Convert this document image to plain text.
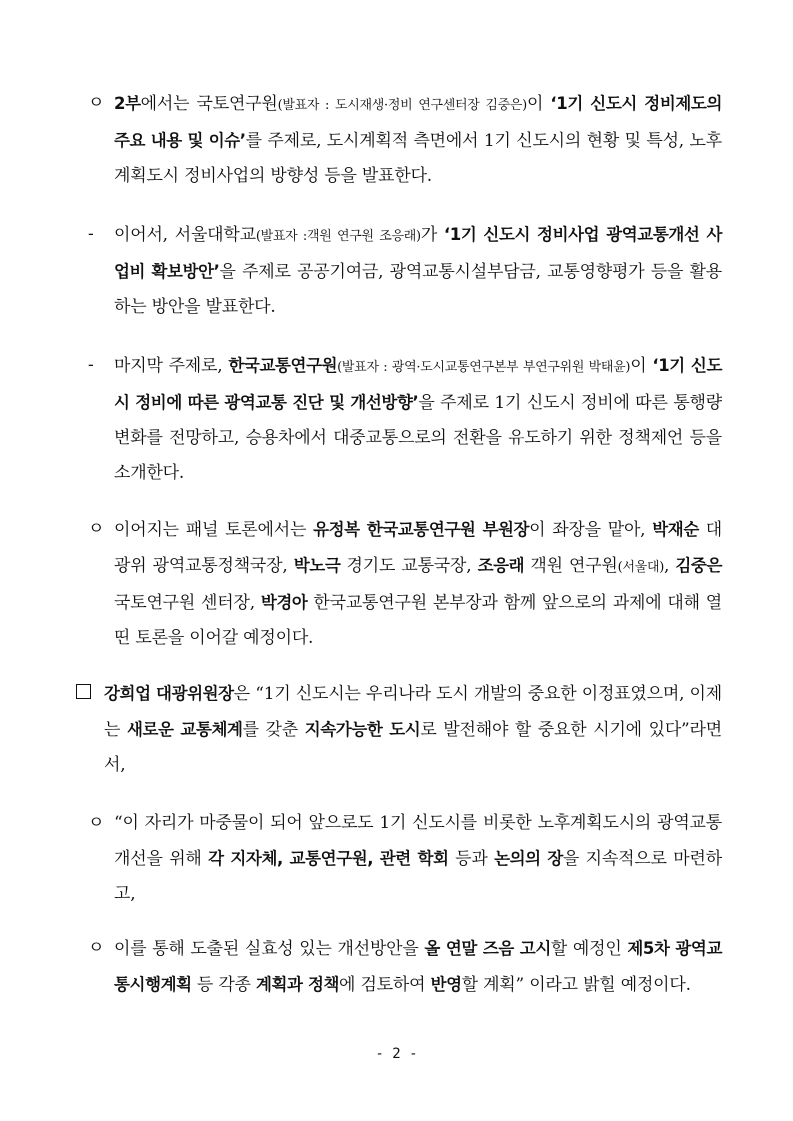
ㅇ 2부에서는 국토연구원(발표자 : 도시재생·정비 연구센터장 김중은)이 ‘1기 신도시 정비제도의 주요 내용 및 이슈’를 주제로, 도시계획적 측면에서 1기 신도시의 현황 및 특성, 노후계획도시 정비사업의 방향성 등을 발표한다.
-	이어서, 서울대학교(발표자 :객원 연구원 조응래)가 ‘1기 신도시 정비사업 광역교통개선 사업비 확보방안’을 주제로 공공기여금, 광역교통시설부담금, 교통영향평가 등을 활용하는 방안을 발표한다.
-	마지막 주제로, 한국교통연구원(발표자 : 광역·도시교통연구본부 부연구위원 박태윤)이 ‘1기 신도시 정비에 따른 광역교통 진단 및 개선방향’을 주제로 1기 신도시 정비에 따른 통행량 변화를 전망하고, 승용차에서 대중교통으로의 전환을 유도하기 위한 정책제언 등을 소개한다.
ㅇ 이어지는 패널 토론에서는 유정복 한국교통연구원 부원장이 좌장을 맡아, 박재순 대광위 광역교통정책국장, 박노극 경기도 교통국장, 조응래 객원 연구원(서울대), 김중은 국토연구원 센터장, 박경아 한국교통연구원 본부장과 함께 앞으로의 과제에 대해 열띤 토론을 이어갈 예정이다.
강희업 대광위원장은 “1기 신도시는 우리나라 도시 개발의 중요한 이정표였으며, 이제는 새로운 교통체계를 갖춘 지속가능한 도시로 발전해야 할 중요한 시기에 있다”라면서,
ㅇ “이 자리가 마중물이 되어 앞으로도 1기 신도시를 비롯한 노후계획도시의 광역교통 개선을 위해 각 지자체, 교통연구원, 관련 학회 등과 논의의 장을 지속적으로 마련하고,
ㅇ 이를 통해 도출된 실효성 있는 개선방안을 올 연말 즈음 고시할 예정인 제5차 광역교통시행계획 등 각종 계획과 정책에 검토하여 반영할 계획” 이라고 밝힐 예정이다.
- 2 -
